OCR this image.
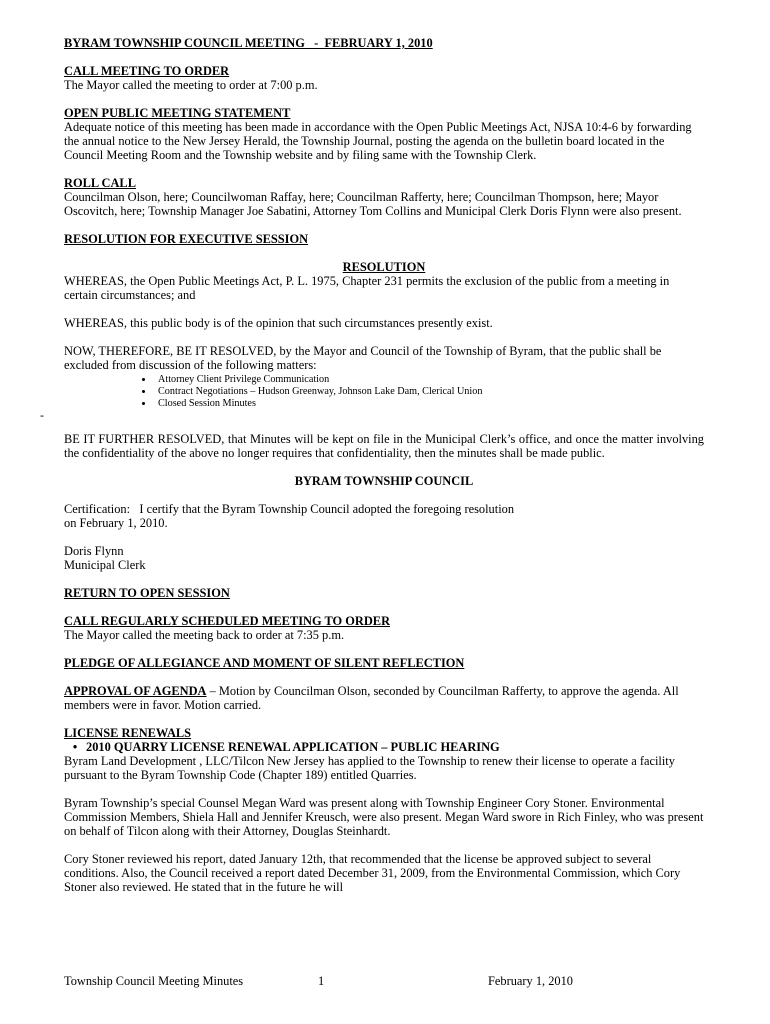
BYRAM TOWNSHIP COUNCIL MEETING   -  FEBRUARY 1, 2010

CALL MEETING TO ORDER

The Mayor called the meeting to order at 7:00 p.m.

OPEN PUBLIC MEETING STATEMENT

Adequate notice of this meeting has been made in accordance with the Open Public Meetings Act, NJSA 10:4-6 by forwarding the annual notice to the New Jersey Herald, the Township Journal, posting the agenda on the bulletin board located in the Council Meeting Room and the Township website and by filing same with the Township Clerk.

ROLL CALL

Councilman Olson, here; Councilwoman Raffay, here; Councilman Rafferty, here; Councilman Thompson, here; Mayor Oscovitch, here; Township Manager Joe Sabatini, Attorney Tom Collins and Municipal Clerk Doris Flynn were also present.

RESOLUTION FOR EXECUTIVE SESSION

RESOLUTION

WHEREAS, the Open Public Meetings Act, P. L. 1975, Chapter 231 permits the exclusion of the public from a meeting in certain circumstances; and

WHEREAS, this public body is of the opinion that such circumstances presently exist.

NOW, THEREFORE, BE IT RESOLVED, by the Mayor and Council of the Township of Byram, that the public shall be excluded from discussion of the following matters:

• Attorney Client Privilege Communication
• Contract Negotiations – Hudson Greenway, Johnson Lake Dam, Clerical Union
• Closed Session Minutes

BE IT FURTHER RESOLVED, that Minutes will be kept on file in the Municipal Clerk’s office, and once the matter involving the confidentiality of the above no longer requires that confidentiality, then the minutes shall be made public.

BYRAM TOWNSHIP COUNCIL

Certification:   I certify that the Byram Township Council adopted the foregoing resolution

on February 1, 2010.

Doris Flynn

Municipal Clerk

RETURN TO OPEN SESSION

CALL REGULARLY SCHEDULED MEETING TO ORDER

The Mayor called the meeting back to order at 7:35 p.m.

PLEDGE OF ALLEGIANCE AND MOMENT OF SILENT REFLECTION

APPROVAL OF AGENDA – Motion by Councilman Olson, seconded by Councilman Rafferty, to approve the agenda. All members were in favor. Motion carried.

LICENSE RENEWALS

• 2010 QUARRY LICENSE RENEWAL APPLICATION – PUBLIC HEARING

Byram Land Development , LLC/Tilcon New Jersey has applied to the Township to renew their license to operate a facility pursuant to the Byram Township Code (Chapter 189) entitled Quarries.

Byram Township’s special Counsel Megan Ward was present along with Township Engineer Cory Stoner. Environmental Commission Members, Shiela Hall and Jennifer Kreusch, were also present. Megan Ward swore in Rich Finley, who was present on behalf of Tilcon along with their Attorney, Douglas Steinhardt.

Cory Stoner reviewed his report, dated January 12th, that recommended that the license be approved subject to several conditions. Also, the Council received a report dated December 31, 2009, from the Environmental Commission, which Cory Stoner also reviewed. He stated that in the future he will

-
Township Council Meeting Minutes	1	February 1, 2010
